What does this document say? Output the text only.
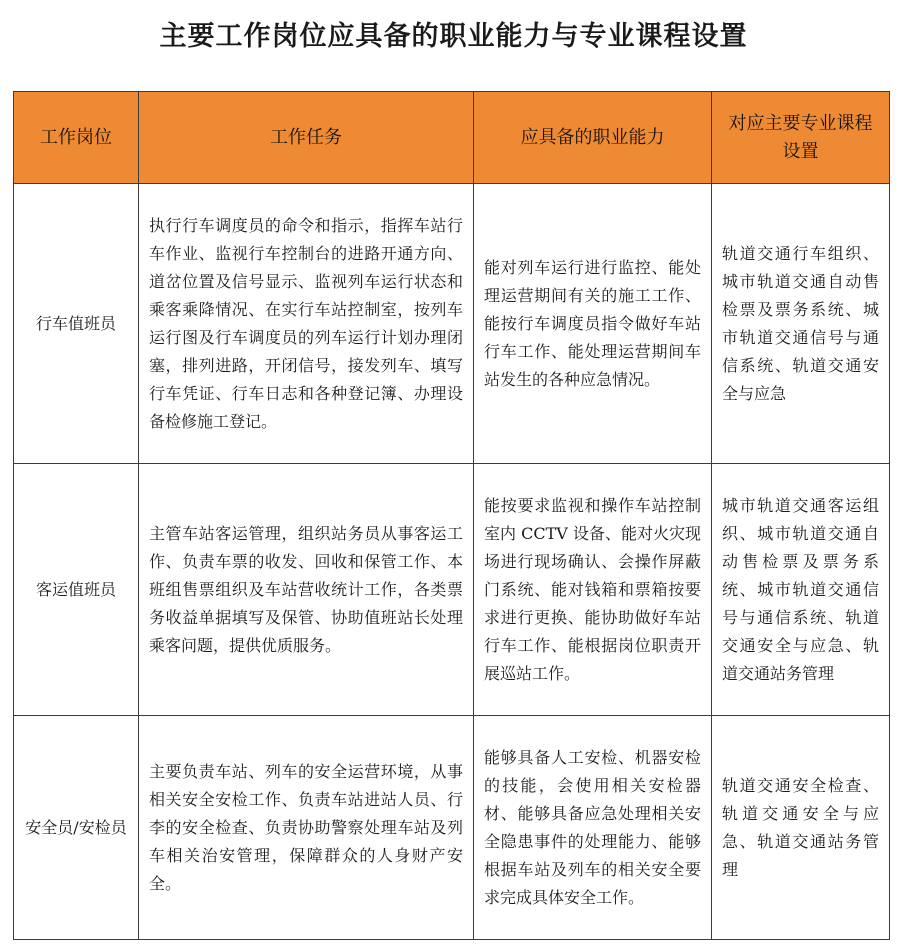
主要工作岗位应具备的职业能力与专业课程设置
工作岗位	工作任务	应具备的职业能力	对应主要专业课程设置
行车值班员	执行行车调度员的命令和指示，指挥车站行车作业、监视行车控制台的进路开通方向、道岔位置及信号显示、监视列车运行状态和乘客乘降情况、在实行车站控制室，按列车运行图及行车调度员的列车运行计划办理闭塞，排列进路，开闭信号，接发列车、填写行车凭证、行车日志和各种登记簿、办理设备检修施工登记。	能对列车运行进行监控、能处理运营期间有关的施工工作、能按行车调度员指令做好车站行车工作、能处理运营期间车站发生的各种应急情况。	轨道交通行车组织、城市轨道交通自动售检票及票务系统、城市轨道交通信号与通信系统、轨道交通安全与应急
客运值班员	主管车站客运管理，组织站务员从事客运工作、负责车票的收发、回收和保管工作、本班组售票组织及车站营收统计工作，各类票务收益单据填写及保管、协助值班站长处理乘客问题，提供优质服务。	能按要求监视和操作车站控制室内 CCTV 设备、能对火灾现场进行现场确认、会操作屏蔽门系统、能对钱箱和票箱按要求进行更换、能协助做好车站行车工作、能根据岗位职责开展巡站工作。	城市轨道交通客运组织、城市轨道交通自动售检票及票务系统、城市轨道交通信号与通信系统、轨道交通安全与应急、轨道交通站务管理
安全员/安检员	主要负责车站、列车的安全运营环境，从事相关安全安检工作、负责车站进站人员、行李的安全检查、负责协助警察处理车站及列车相关治安管理，保障群众的人身财产安全。	能够具备人工安检、机器安检的技能，会使用相关安检器材、能够具备应急处理相关安全隐患事件的处理能力、能够根据车站及列车的相关安全要求完成具体安全工作。	轨道交通安全检查、轨道交通安全与应急、轨道交通站务管理
